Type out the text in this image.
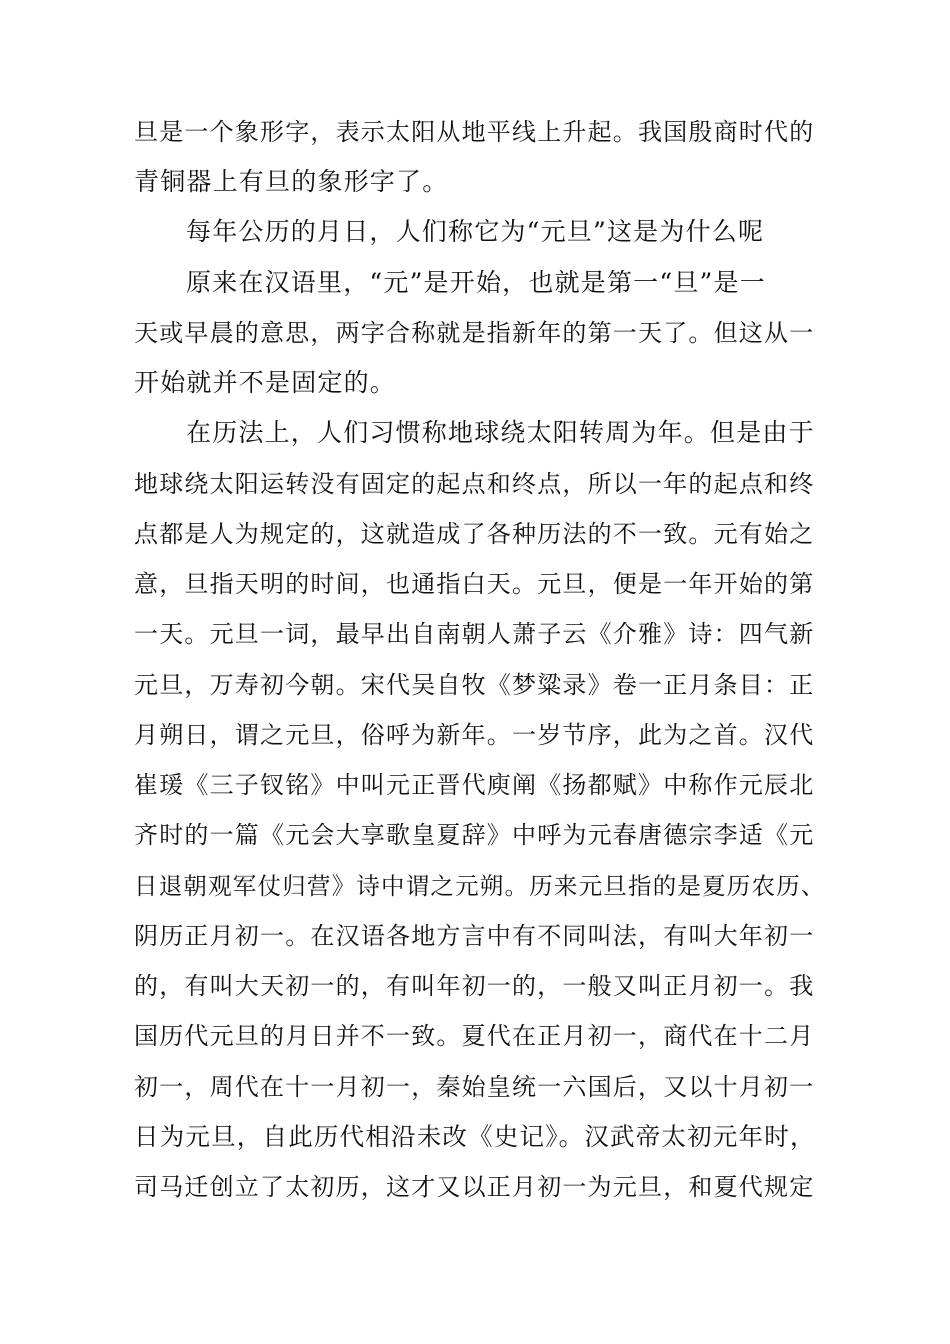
旦是一个象形字，表示太阳从地平线上升起。我国殷商时代的
青铜器上有旦的象形字了。
每年公历的月日，人们称它为“元旦”这是为什么呢
原来在汉语里，“元”是开始，也就是第一“旦”是一
天或早晨的意思，两字合称就是指新年的第一天了。但这从一
开始就并不是固定的。
在历法上，人们习惯称地球绕太阳转周为年。但是由于
地球绕太阳运转没有固定的起点和终点，所以一年的起点和终
点都是人为规定的，这就造成了各种历法的不一致。元有始之
意，旦指天明的时间，也通指白天。元旦，便是一年开始的第
一天。元旦一词，最早出自南朝人萧子云《介雅》诗：四气新
元旦，万寿初今朝。宋代吴自牧《梦粱录》卷一正月条目：正
月朔日，谓之元旦，俗呼为新年。一岁节序，此为之首。汉代
崔瑗《三子钗铭》中叫元正晋代庾阐《扬都赋》中称作元辰北
齐时的一篇《元会大享歌皇夏辞》中呼为元春唐德宗李适《元
日退朝观军仗归营》诗中谓之元朔。历来元旦指的是夏历农历、
阴历正月初一。在汉语各地方言中有不同叫法，有叫大年初一
的，有叫大天初一的，有叫年初一的，一般又叫正月初一。我
国历代元旦的月日并不一致。夏代在正月初一，商代在十二月
初一，周代在十一月初一，秦始皇统一六国后，又以十月初一
日为元旦，自此历代相沿未改《史记》。汉武帝太初元年时，
司马迁创立了太初历，这才又以正月初一为元旦，和夏代规定
